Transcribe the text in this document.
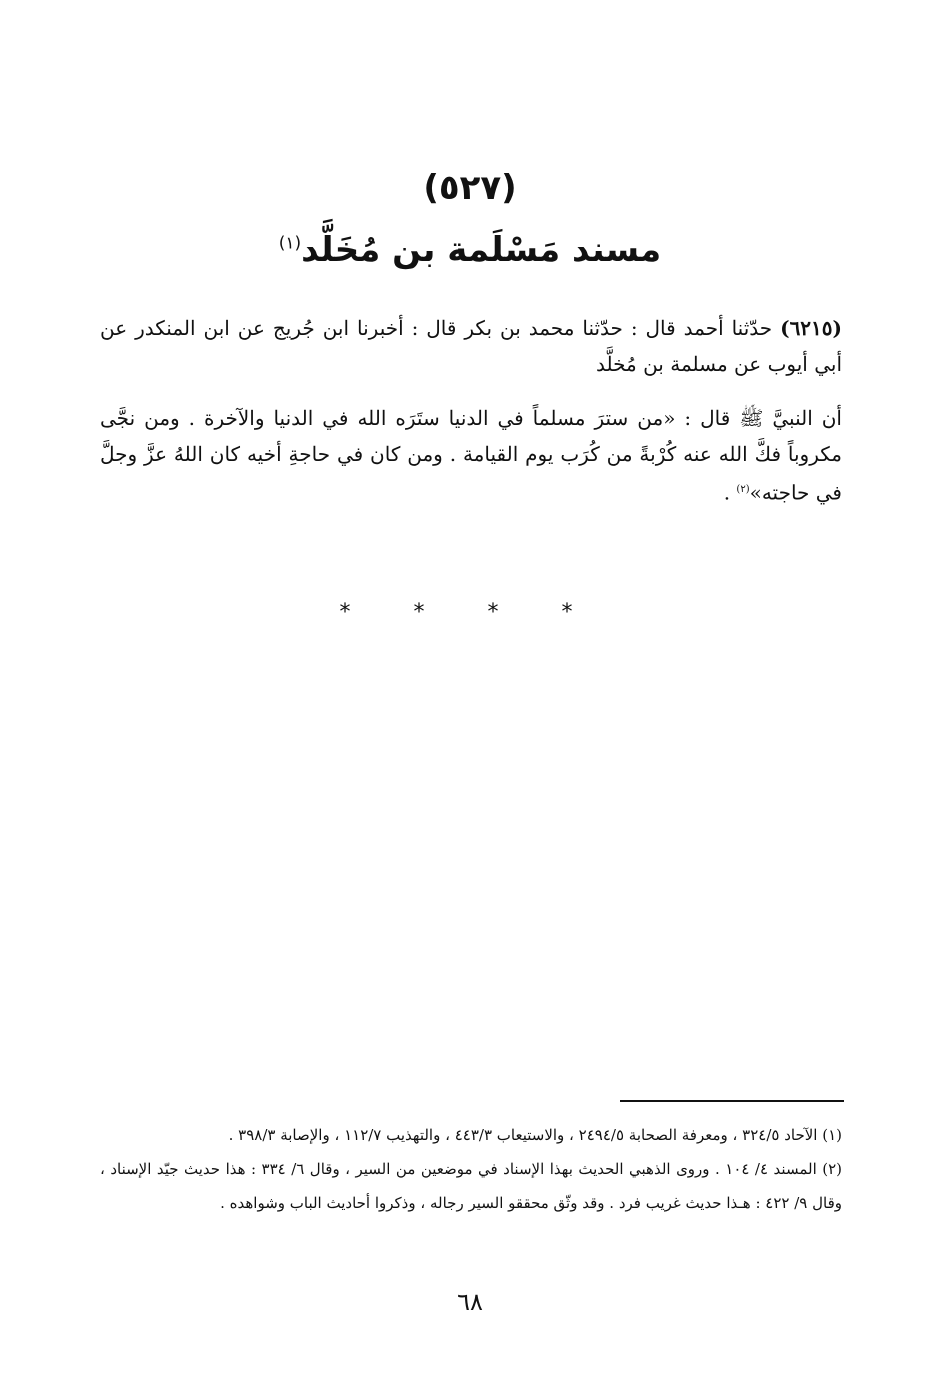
(٥٢٧)
مسند مَسْلَمة بن مُخَلَّد$^{(١)}$

(٦٢١٥) حدّثنا أحمد قال : حدّثنا محمد بن بكر قال : أخبرنا ابن جُريج عن ابن المنكدر عن أبي أيوب عن مسلمة بن مُخلَّد

أن النبيَّ ﷺ قال : «من سترَ مسلماً في الدنيا ستَرَه الله في الدنيا والآخرة . ومن نجَّى مكروباً فكَّ الله عنه كُرْبةً من كُرَب يوم القيامة . ومن كان في حاجةِ أخيه كان اللهُ عزَّ وجلَّ في حاجته»$^{(٢)}$ .

* * * *

(١) الآحاد ٣٢٤/٥ ، ومعرفة الصحابة ٢٤٩٤/٥ ، والاستيعاب ٤٤٣/٣ ، والتهذيب ١١٢/٧ ، والإصابة ٣٩٨/٣ .

(٢) المسند ٤/ ١٠٤ . وروى الذهبي الحديث بهذا الإسناد في موضعين من السير ، وقال ٦/ ٣٣٤ : هذا حديث جيّد الإسناد ، وقال ٩/ ٤٢٢ : هـذا حديث غريب فرد . وقد وثّق محققو السير رجاله ، وذكروا أحاديث الباب وشواهده .

٦٨
